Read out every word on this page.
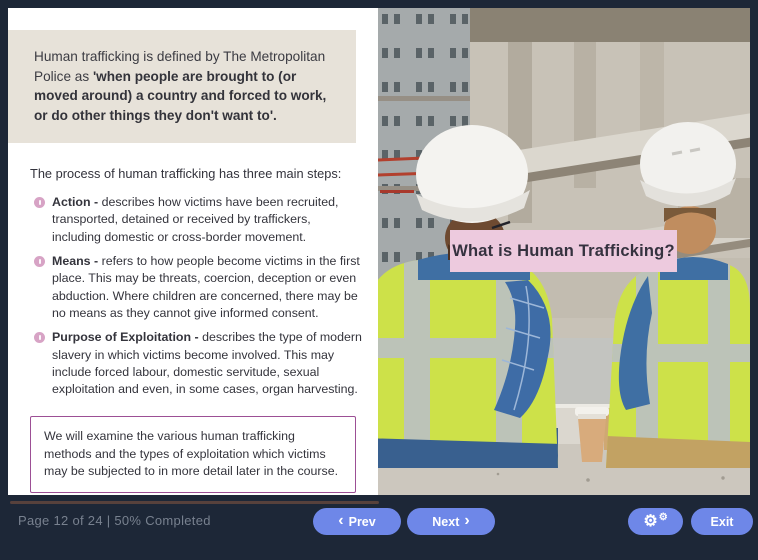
Human trafficking is defined by The Metropolitan Police as 'when people are brought to (or moved around) a country and forced to work, or do other things they don't want to'.

The process of human trafficking has three main steps:

Action - describes how victims have been recruited, transported, detained or received by traffickers, including domestic or cross-border movement.
Means - refers to how people become victims in the first place. This may be threats, coercion, deception or even abduction. Where children are concerned, there may be no means as they cannot give informed consent.
Purpose of Exploitation - describes the type of modern slavery in which victims become involved. This may include forced labour, domestic servitude, sexual exploitation and even, in some cases, organ harvesting.
We will examine the various human trafficking methods and the types of exploitation which victims may be subjected to in more detail later in the course.
What is Human Trafficking?
Page 12 of 24 | 50% Completed	‹ Prev	Next ›	⚙ ⚙	Exit
